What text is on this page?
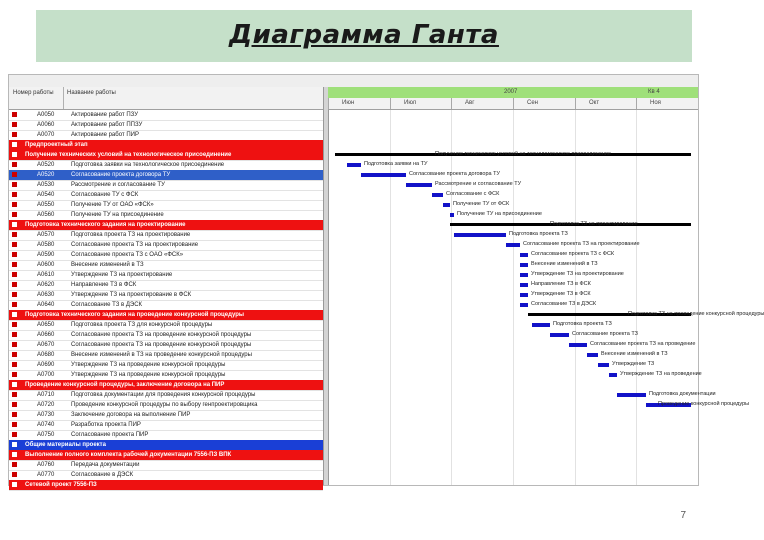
Диаграмма Ганта
Номер работы	Название работы
А0050	Актирование работ ПЗУ
А0060	Актирование работ ППЗУ
А0070	Актирование работ ПИР
Предпроектный этап
Получение технических условий на технологическое присоединение
А0520	Подготовка заявки на технологическое присоединение
А0520	Согласование проекта договора ТУ
А0530	Рассмотрение и согласование ТУ
А0540	Согласование ТУ с ФСК
А0550	Получение ТУ от ОАО «ФСК»
А0560	Получение ТУ на присоединение
Подготовка технического задания на проектирование
А0570	Подготовка проекта ТЗ на проектирование
А0580	Согласование проекта ТЗ на проектирование
А0590	Согласование проекта ТЗ с ОАО «ФСК»
А0600	Внесение изменений в ТЗ
А0610	Утверждение ТЗ на проектирование
А0620	Направление ТЗ в ФСК
А0630	Утверждение ТЗ на проектирование в ФСК
А0640	Согласование ТЗ в ДЭСК
Подготовка технического задания на проведение конкурсной процедуры
А0650	Подготовка проекта ТЗ для конкурсной процедуры
А0660	Согласование проекта ТЗ на проведение конкурсной процедуры
А0670	Согласование проекта ТЗ на проведение конкурсной процедуры
А0680	Внесение изменений в ТЗ на проведение конкурсной процедуры
А0690	Утверждение ТЗ на проведение конкурсной процедуры
А0700	Утверждение ТЗ на проведение конкурсной процедуры
Проведение конкурсной процедуры, заключение договора на ПИР
А0710	Подготовка документации для проведения конкурсной процедуры
А0720	Проведение конкурсной процедуры по выбору генпроектировщика
А0730	Заключение договора на выполнение ПИР
А0740	Разработка проекта ПИР
А0750	Согласование проекта ПИР
Общие материалы проекта
Выполнение полного комплекта рабочей документации 7556-ПЗ ВПК
А0760	Передача документации
А0770	Согласование в ДЭСК
Сетевой проект 7556-ПЗ
2007	Кв 4
Июн	Июл	Авг	Сен	Окт	Ноя
Получение технических условий на технологическое присоединение
Подготовка заявки на ТУ
Согласование проекта договора ТУ
Рассмотрение и согласование ТУ
Согласование с ФСК
Получение ТУ от ФСК
Получение ТУ на присоединение
Подготовка ТЗ на проектирование
Подготовка проекта ТЗ
Согласование проекта ТЗ на проектирование
Согласование проекта ТЗ с ФСК
Внесение изменений в ТЗ
Утверждение ТЗ на проектирование
Направление ТЗ в ФСК
Утверждение ТЗ в ФСК
Согласование ТЗ в ДЭСК
Подготовка ТЗ на проведение конкурсной процедуры
Подготовка проекта ТЗ
Согласование проекта ТЗ
Согласование проекта ТЗ на проведение
Внесение изменений в ТЗ
Утверждение ТЗ
Утверждение ТЗ на проведение
Подготовка документации
Проведение конкурсной процедуры
7
